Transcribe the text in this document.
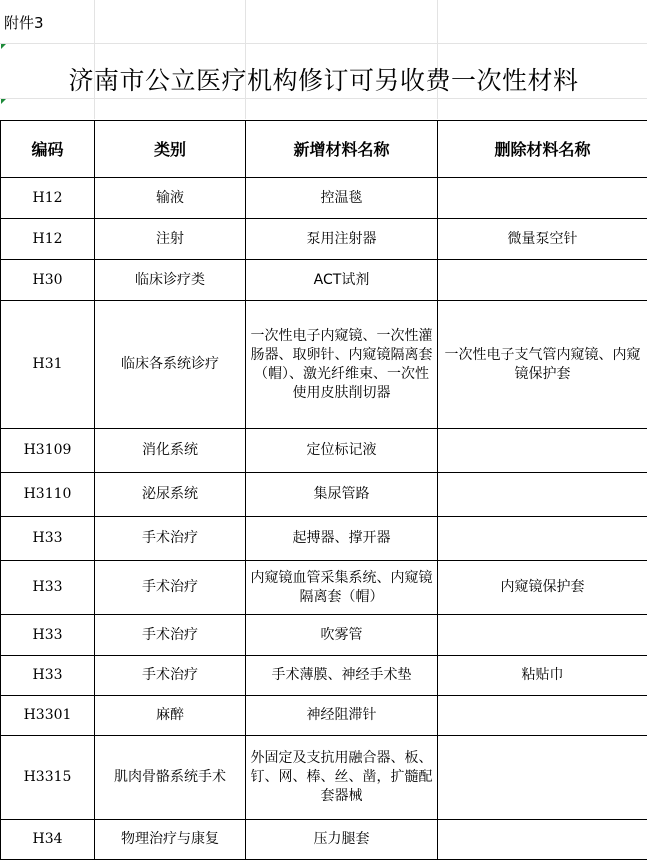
附件3
济南市公立医疗机构修订可另收费一次性材料
编码	类别	新增材料名称	删除材料名称
H12	输液	控温毯	
H12	注射	泵用注射器	微量泵空针
H30	临床诊疗类	ACT试剂	
H31	临床各系统诊疗	一次性电子内窥镜、一次性灌肠器、取卵针、内窥镜隔离套（帽）、激光纤维束、一次性使用皮肤削切器	一次性电子支气管内窥镜、内窥镜保护套
H3109	消化系统	定位标记液	
H3110	泌尿系统	集尿管路	
H33	手术治疗	起搏器、撑开器	
H33	手术治疗	内窥镜血管采集系统、内窥镜隔离套（帽）	内窥镜保护套
H33	手术治疗	吹雾管	
H33	手术治疗	手术薄膜、神经手术垫	粘贴巾
H3301	麻醉	神经阻滞针	
H3315	肌肉骨骼系统手术	外固定及支抗用融合器、板、钉、网、棒、丝、凿，扩髓配套器械	
H34	物理治疗与康复	压力腿套	
